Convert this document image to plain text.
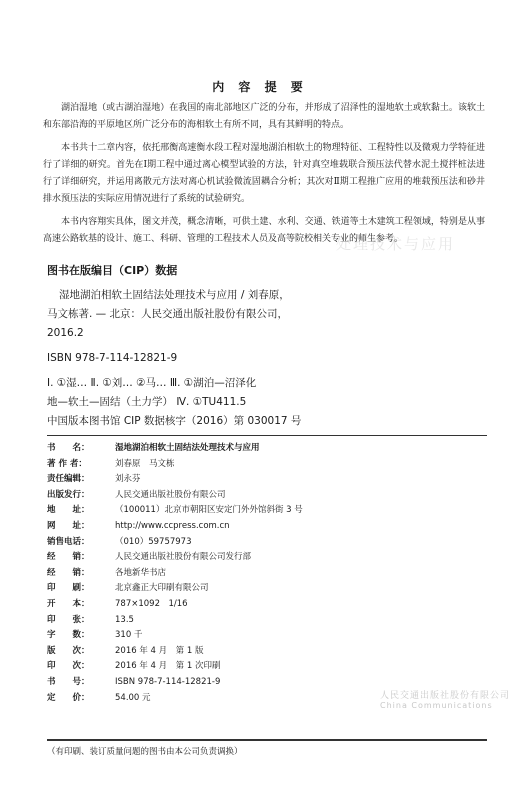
处理技术与应用
内 容 提 要

湖泊湿地（或古湖泊湿地）在我国的南北部地区广泛的分布，并形成了沼泽性的湿地软土或软黏土。该软土和东部沿海的平原地区所广泛分布的海相软土有所不同，具有其鲜明的特点。

本书共十二章内容，依托邢衡高速衡水段工程对湿地湖泊相软土的物理特征、工程特性以及微观力学特征进行了详细的研究。首先在Ⅰ期工程中通过离心模型试验的方法，针对真空堆载联合预压法代替水泥土搅拌桩法进行了详细研究，并运用离散元方法对离心机试验微流固耦合分析；其次对Ⅱ期工程推广应用的堆载预压法和砂井排水预压法的实际应用情况进行了系统的试验研究。

本书内容翔实具体，图文并茂，概念清晰，可供土建、水利、交通、铁道等土木建筑工程领域，特别是从事高速公路软基的设计、施工、科研、管理的工程技术人员及高等院校相关专业的师生参考。

图书在版编目（CIP）数据

湿地湖泊相软土固结法处理技术与应用 / 刘春原，

马文栋著. — 北京：人民交通出版社股份有限公司，

2016.2

ISBN 978-7-114-12821-9

Ⅰ. ①湿… Ⅱ. ①刘… ②马… Ⅲ. ①湖泊—沼泽化

地—软土—固结（土力学） Ⅳ. ①TU411.5

中国版本图书馆 CIP 数据核字（2016）第 030017 号

书　　名：	湿地湖泊相软土固结法处理技术与应用
著 作 者：	刘春原　马文栋
责任编辑：	刘永芬
出版发行：	人民交通出版社股份有限公司
地　　址：	（100011）北京市朝阳区安定门外外馆斜街 3 号
网　　址：	http://www.ccpress.com.cn
销售电话：	（010）59757973
经　　销：	人民交通出版社股份有限公司发行部
经　　销：	各地新华书店
印　　刷：	北京鑫正大印刷有限公司
开　　本：	787×1092　1/16
印　　张：	13.5
字　　数：	310 千
版　　次：	2016 年 4 月　第 1 版
印　　次：	2016 年 4 月　第 1 次印刷
书　　号：	ISBN 978-7-114-12821-9
定　　价：	54.00 元	人民交通出版社股份有限公司
China Communications
（有印刷、装订质量问题的图书由本公司负责调换）
